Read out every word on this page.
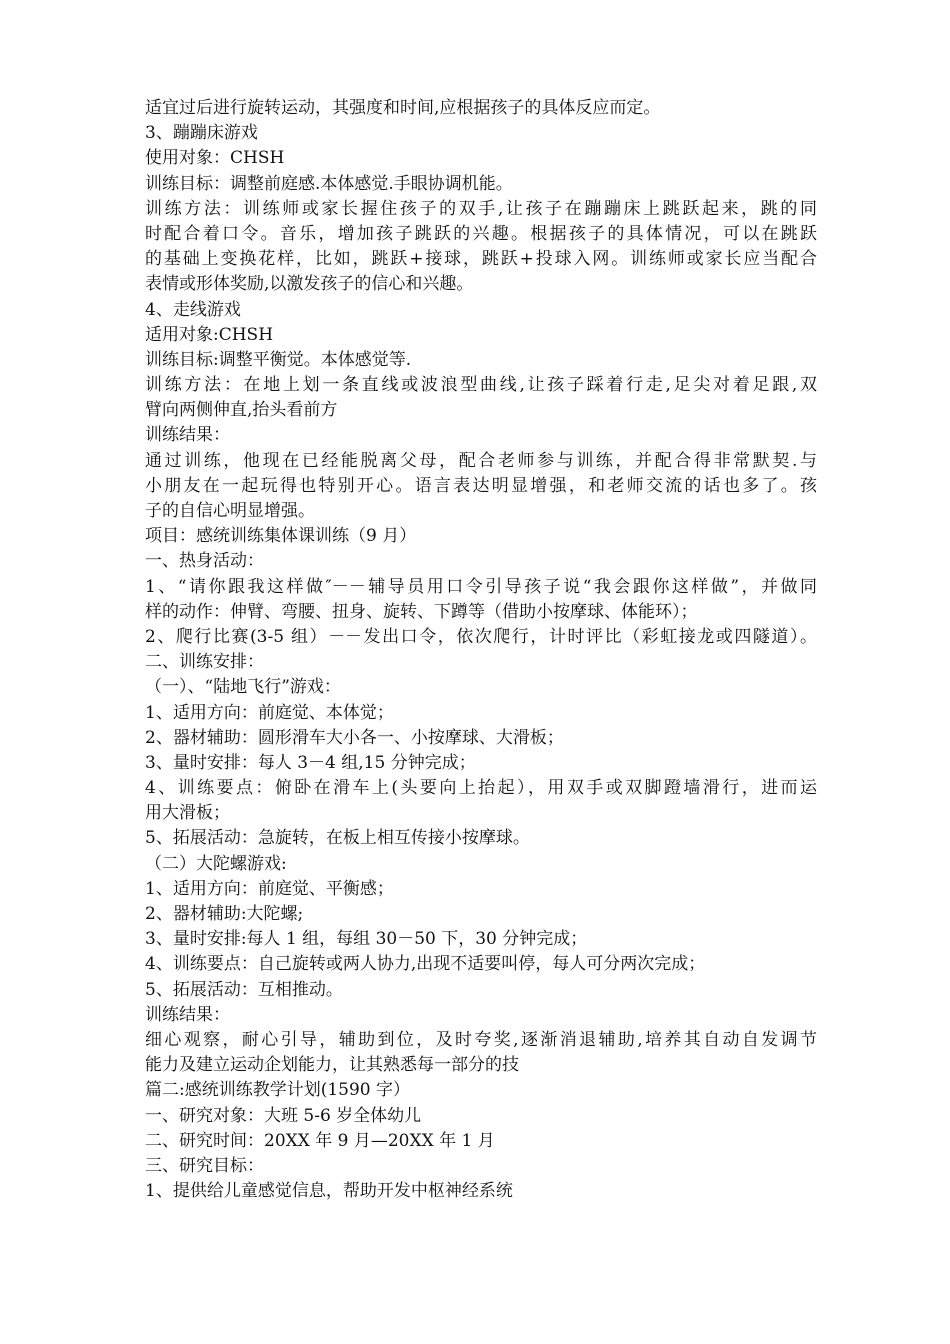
适宜过后进行旋转运动，其强度和时间,应根据孩子的具体反应而定。
3、蹦蹦床游戏
使用对象：CHSH
训练目标：调整前庭感.本体感觉.手眼协调机能。
训练方法：训练师或家长握住孩子的双手,让孩子在蹦蹦床上跳跃起来，跳的同
时配合着口令。音乐，增加孩子跳跃的兴趣。根据孩子的具体情况，可以在跳跃
的基础上变换花样，比如，跳跃+接球，跳跃+投球入网。训练师或家长应当配合
表情或形体奖励,以激发孩子的信心和兴趣。
4、走线游戏
适用对象:CHSH
训练目标:调整平衡觉。本体感觉等.
训练方法：在地上划一条直线或波浪型曲线,让孩子踩着行走,足尖对着足跟,双
臂向两侧伸直,抬头看前方
训练结果：
通过训练，他现在已经能脱离父母，配合老师参与训练，并配合得非常默契.与
小朋友在一起玩得也特别开心。语言表达明显增强，和老师交流的话也多了。孩
子的自信心明显增强。
项目：感统训练集体课训练（9 月）
一、热身活动：
1、“请你跟我这样做″－－辅导员用口令引导孩子说“我会跟你这样做”，并做同
样的动作：伸臂、弯腰、扭身、旋转、下蹲等（借助小按摩球、体能环）；
2、爬行比赛(3-5 组）－－发出口令，依次爬行，计时评比（彩虹接龙或四隧道）。
二、训练安排：
（一）、“陆地飞行”游戏：
1、适用方向：前庭觉、本体觉；
2、器材辅助：圆形滑车大小各一、小按摩球、大滑板；
3、量时安排：每人 3－4 组,15 分钟完成；
4、训练要点：俯卧在滑车上(头要向上抬起），用双手或双脚蹬墙滑行，进而运
用大滑板；
5、拓展活动：急旋转，在板上相互传接小按摩球。
（二）大陀螺游戏:
1、适用方向：前庭觉、平衡感；
2、器材辅助:大陀螺;
3、量时安排:每人 1 组，每组 30－50 下，30 分钟完成；
4、训练要点：自己旋转或两人协力,出现不适要叫停，每人可分两次完成；
5、拓展活动：互相推动。
训练结果：
细心观察，耐心引导，辅助到位，及时夸奖,逐渐消退辅助,培养其自动自发调节
能力及建立运动企划能力，让其熟悉每一部分的技
篇二:感统训练教学计划(1590 字）
一、研究对象：大班 5-6 岁全体幼儿
二、研究时间：20XX 年 9 月—20XX 年 1 月
三、研究目标：
1、提供给儿童感觉信息，帮助开发中枢神经系统
